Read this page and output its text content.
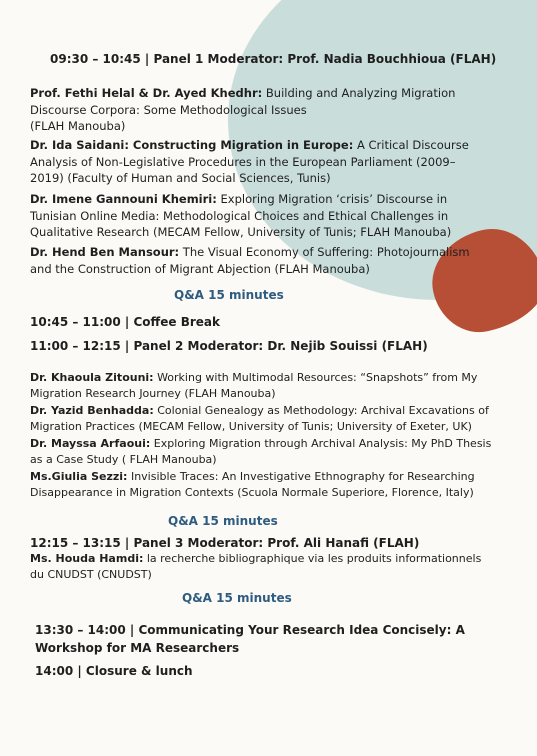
09:30 – 10:45 | Panel 1 Moderator: Prof. Nadia Bouchhioua (FLAH)

Prof. Fethi Helal & Dr. Ayed Khedhr: Building and Analyzing Migration

Discourse Corpora: Some Methodological Issues

(FLAH Manouba)

Dr. Ida Saidani: Constructing Migration in Europe: A Critical Discourse

Analysis of Non-Legislative Procedures in the European Parliament (2009–

2019) (Faculty of Human and Social Sciences, Tunis)

Dr. Imene Gannouni Khemiri: Exploring Migration ‘crisis’ Discourse in

Tunisian Online Media: Methodological Choices and Ethical Challenges in

Qualitative Research (MECAM Fellow, University of Tunis; FLAH Manouba)

Dr. Hend Ben Mansour: The Visual Economy of Suffering: Photojournalism

and the Construction of Migrant Abjection (FLAH Manouba)

Q&A 15 minutes
10:45 – 11:00 | Coffee Break
11:00 – 12:15 | Panel 2 Moderator: Dr. Nejib Souissi (FLAH)

Dr. Khaoula Zitouni: Working with Multimodal Resources: “Snapshots” from My

Migration Research Journey (FLAH Manouba)

Dr. Yazid Benhadda: Colonial Genealogy as Methodology: Archival Excavations of

Migration Practices (MECAM Fellow, University of Tunis; University of Exeter, UK)

Dr. Mayssa Arfaoui: Exploring Migration through Archival Analysis: My PhD Thesis

as a Case Study ( FLAH Manouba)

Ms.Giulia Sezzi: Invisible Traces: An Investigative Ethnography for Researching

Disappearance in Migration Contexts (Scuola Normale Superiore, Florence, Italy)

Q&A 15 minutes
12:15 – 13:15 | Panel 3 Moderator: Prof. Ali Hanafi (FLAH)

Ms. Houda Hamdi: la recherche bibliographique via les produits informationnels

du CNUDST (CNUDST)

Q&A 15 minutes

13:30 – 14:00 | Communicating Your Research Idea Concisely: A

Workshop for MA Researchers

14:00 | Closure & lunch
